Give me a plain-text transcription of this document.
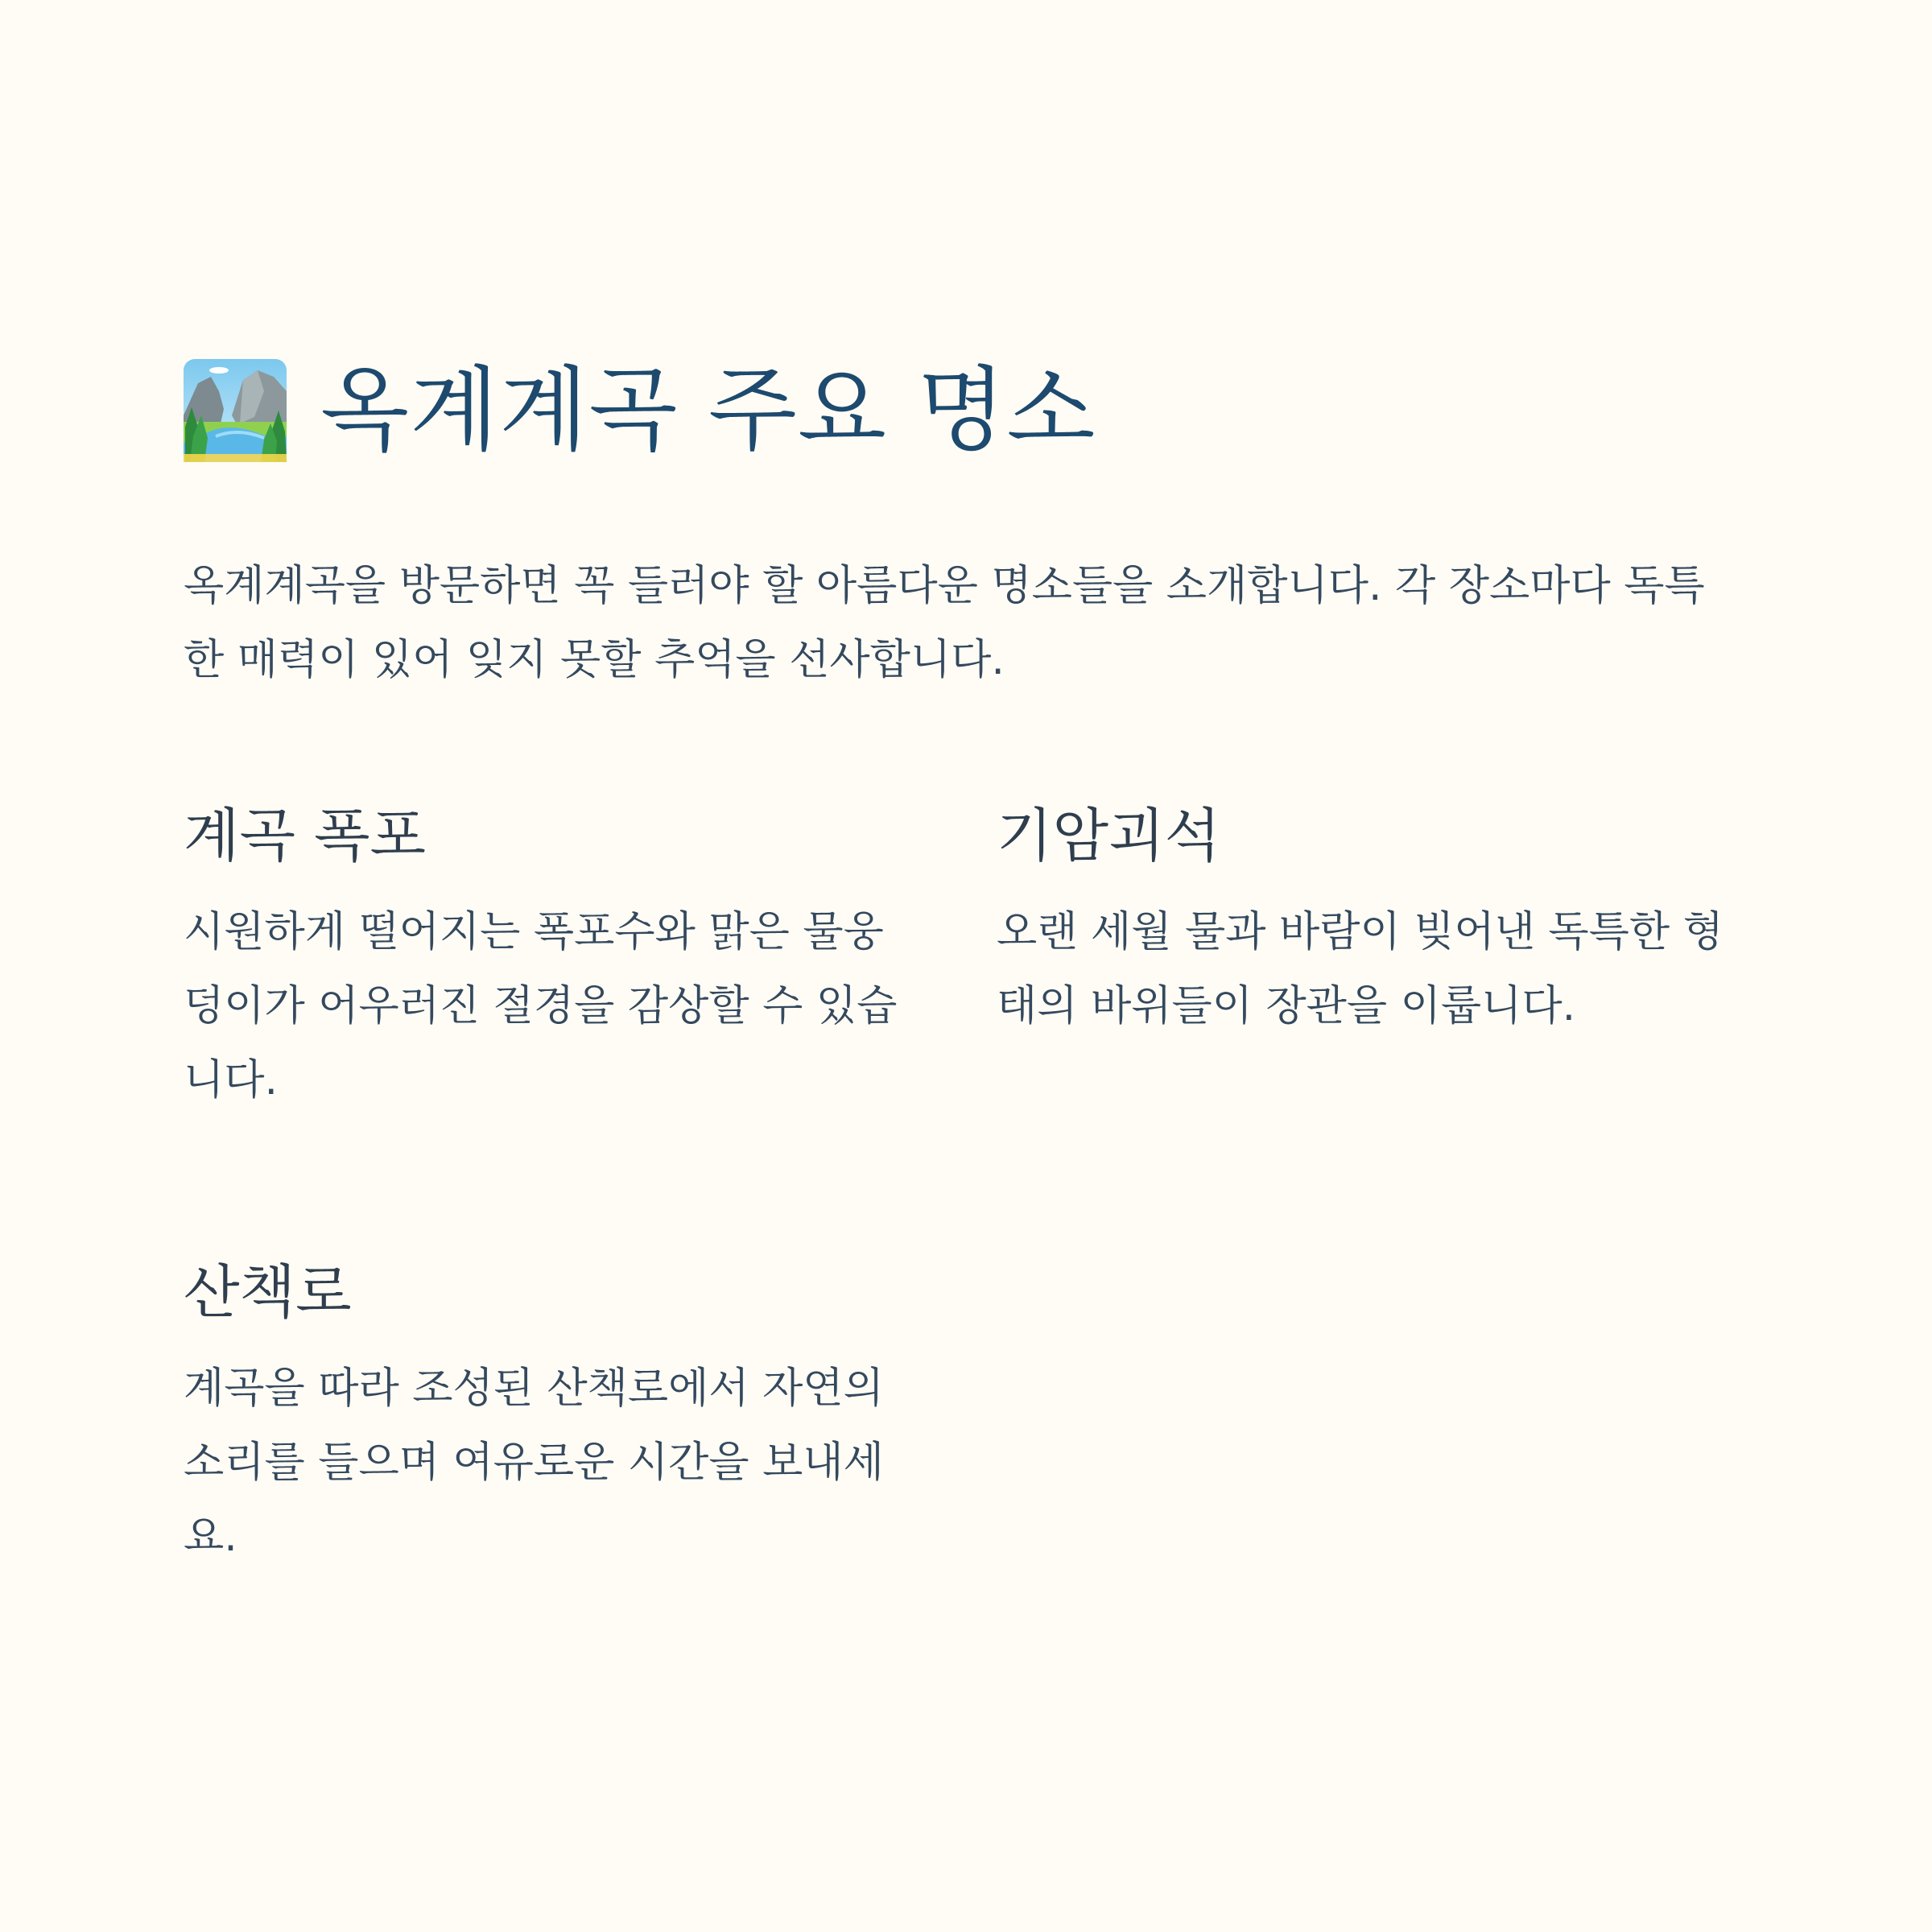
옥계계곡 주요 명소
옥계계곡을 방문하면 꼭 들러야 할 아름다운 명소들을 소개합니다. 각 장소마다 독특한 매력이 있어 잊지 못할 추억을 선사합니다.
계곡 폭포
시원하게 떨어지는 폭포수와 맑은 물웅덩이가 어우러진 절경을 감상할 수 있습니다.
기암괴석
오랜 세월 물과 바람이 빚어낸 독특한 형태의 바위들이 장관을 이룹니다.
산책로
계곡을 따라 조성된 산책로에서 자연의 소리를 들으며 여유로운 시간을 보내세요.
